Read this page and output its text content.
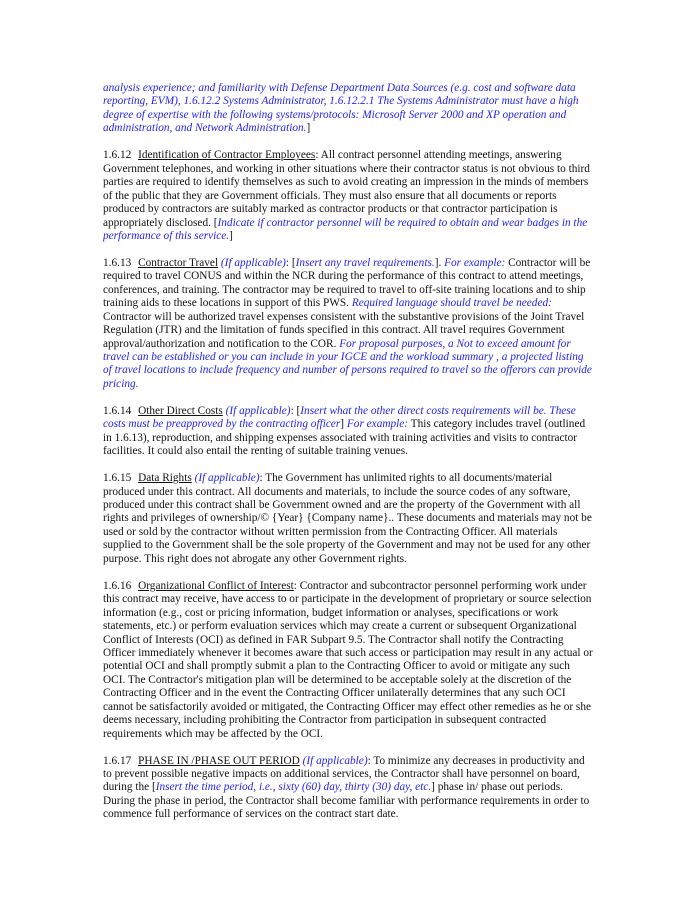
analysis experience; and familiarity with Defense Department Data Sources (e.g. cost and software data reporting, EVM), 1.6.12.2 Systems Administrator, 1.6.12.2.1 The Systems Administrator must have a high degree of expertise with the following systems/protocols: Microsoft Server 2000 and XP operation and administration, and Network Administration.]

1.6.12 Identification of Contractor Employees: All contract personnel attending meetings, answering Government telephones, and working in other situations where their contractor status is not obvious to third parties are required to identify themselves as such to avoid creating an impression in the minds of members of the public that they are Government officials. They must also ensure that all documents or reports produced by contractors are suitably marked as contractor products or that contractor participation is appropriately disclosed. [Indicate if contractor personnel will be required to obtain and wear badges in the performance of this service.]

1.6.13 Contractor Travel (If applicable): [Insert any travel requirements.]. For example: Contractor will be required to travel CONUS and within the NCR during the performance of this contract to attend meetings, conferences, and training. The contractor may be required to travel to off-site training locations and to ship training aids to these locations in support of this PWS. Required language should travel be needed: Contractor will be authorized travel expenses consistent with the substantive provisions of the Joint Travel Regulation (JTR) and the limitation of funds specified in this contract. All travel requires Government approval/authorization and notification to the COR. For proposal purposes, a Not to exceed amount for travel can be established or you can include in your IGCE and the workload summary , a projected listing of travel locations to include frequency and number of persons required to travel so the offerors can provide pricing.

1.6.14 Other Direct Costs (If applicable): [Insert what the other direct costs requirements will be. These costs must be preapproved by the contracting officer] For example: This category includes travel (outlined in 1.6.13), reproduction, and shipping expenses associated with training activities and visits to contractor facilities. It could also entail the renting of suitable training venues.

1.6.15 Data Rights (If applicable): The Government has unlimited rights to all documents/material produced under this contract. All documents and materials, to include the source codes of any software, produced under this contract shall be Government owned and are the property of the Government with all rights and privileges of ownership/© {Year} {Company name}.. These documents and materials may not be used or sold by the contractor without written permission from the Contracting Officer. All materials supplied to the Government shall be the sole property of the Government and may not be used for any other purpose. This right does not abrogate any other Government rights.

1.6.16 Organizational Conflict of Interest: Contractor and subcontractor personnel performing work under this contract may receive, have access to or participate in the development of proprietary or source selection information (e.g., cost or pricing information, budget information or analyses, specifications or work statements, etc.) or perform evaluation services which may create a current or subsequent Organizational Conflict of Interests (OCI) as defined in FAR Subpart 9.5. The Contractor shall notify the Contracting Officer immediately whenever it becomes aware that such access or participation may result in any actual or potential OCI and shall promptly submit a plan to the Contracting Officer to avoid or mitigate any such OCI. The Contractor's mitigation plan will be determined to be acceptable solely at the discretion of the Contracting Officer and in the event the Contracting Officer unilaterally determines that any such OCI cannot be satisfactorily avoided or mitigated, the Contracting Officer may effect other remedies as he or she deems necessary, including prohibiting the Contractor from participation in subsequent contracted requirements which may be affected by the OCI.

1.6.17 PHASE IN /PHASE OUT PERIOD (If applicable): To minimize any decreases in productivity and to prevent possible negative impacts on additional services, the Contractor shall have personnel on board, during the [Insert the time period, i.e., sixty (60) day, thirty (30) day, etc.] phase in/ phase out periods. During the phase in period, the Contractor shall become familiar with performance requirements in order to commence full performance of services on the contract start date.
